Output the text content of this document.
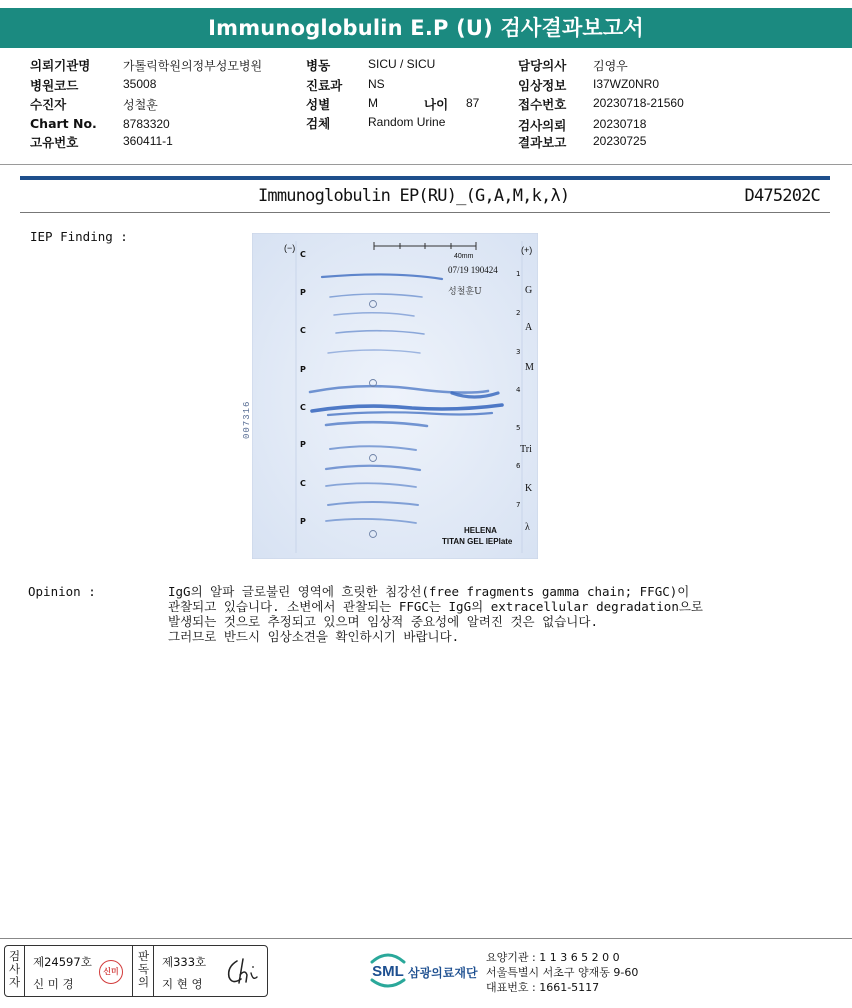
Immunoglobulin E.P (U) 검사결과보고서
의뢰기관명	가톨릭학원의정부성모병원
병원코드	35008
수진자	성철훈
Chart No. 8783320
고유번호	360411-1
병동	SICU / SICU
진료과 NS
성별	M	나이 87
검체	Random Urine
담당의사 김영우
임상정보 I37WZ0NR0
접수번호 20230718-21560
검사의뢰 20230718
결과보고 20230725
Immunoglobulin EP(RU)_(G,A,M,k,λ)	D475202C
IEP Finding :
(−)	(+)
40mm
07/19 190424
성철훈U
007316
C
P
C
P
C
P
C
P
1
2
3
4
5
6
7
G
A
M
Tri
K
λ
HELENA
TITAN GEL IEPlate
Opinion :	IgG의 알파 글로불린 영역에 흐릿한 침강선(free fragments gamma chain; FFGC)이
관찰되고 있습니다. 소변에서 관찰되는 FFGC는 IgG의 extracellular degradation으로
발생되는 것으로 추정되고 있으며 임상적 중요성에 알려진 것은 없습니다.
그러므로 반드시 임상소견을 확인하시기 바랍니다.
검
사
자
제24597호
신 미 경
신미
판
독
의
제333호
지 현 영
SML 삼광의료재단
요양기관 : 1 1 3 6 5 2 0 0
서울특별시 서초구 양재동 9-60
대표번호 : 1661-5117
